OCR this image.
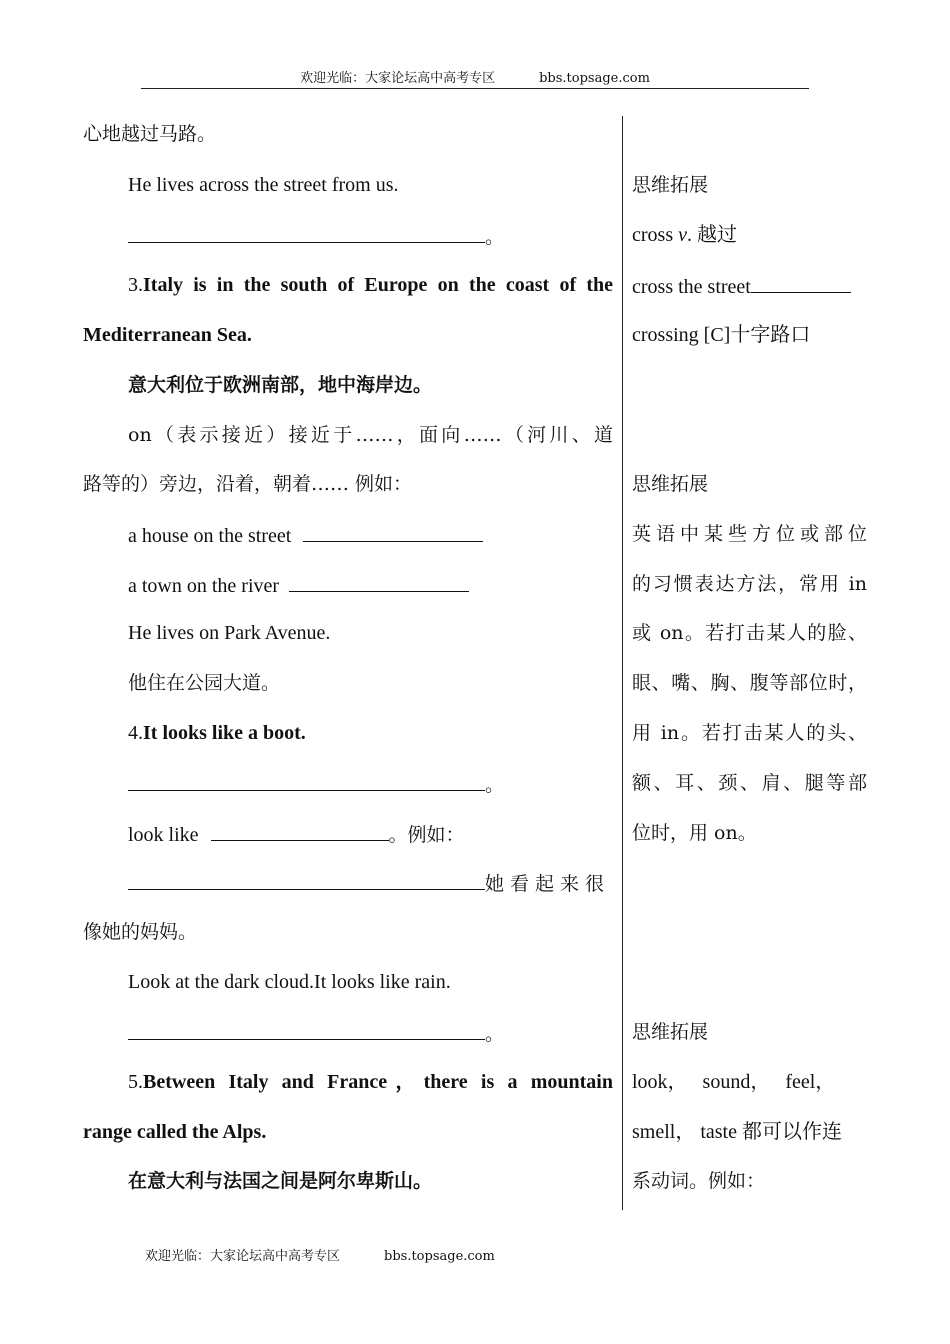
欢迎光临：大家论坛高中高考专区	bbs.topsage.com
心地越过马路。
He lives across the street from us.
。
3.Italy is in the south of Europe on the coast of the
Mediterranean Sea.
意大利位于欧洲南部，地中海岸边。
on（表示接近）接近于……，面向……（河川、道
路等的）旁边，沿着，朝着…… 例如：
a house on the street
a town on the river
He lives on Park Avenue.
他住在公园大道。
4.It looks like a boot.
。
look like	。例如：
她看起来很
像她的妈妈。
Look at the dark cloud.It looks like rain.
。
5.Between Italy and France，there is a mountain
range called the Alps.
在意大利与法国之间是阿尔卑斯山。
思维拓展
cross v. 越过
cross the street
crossing [C]十字路口
思维拓展
英语中某些方位或部位
的习惯表达方法，常用 in
或 on。若打击某人的脸、
眼、嘴、胸、腹等部位时，
用 in。若打击某人的头、
额、耳、颈、肩、腿等部
位时，用 on。
思维拓展
look，   sound，   feel，
smell， taste 都可以作连
系动词。例如：
欢迎光临：大家论坛高中高考专区	bbs.topsage.com
